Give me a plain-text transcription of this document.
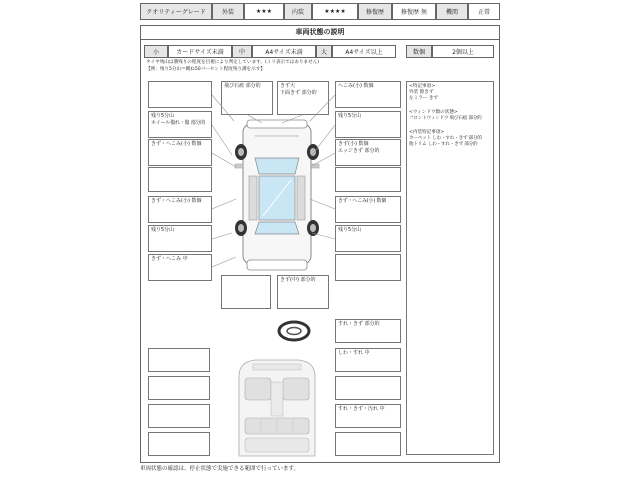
クオリティーグレード	外装	★★★	内装	★★★★	修復歴	修復歴 無	機関	正常
車両状態の説明
小	カードサイズ未満	中	A4サイズ未満	大	A4サイズ以上	数個	2個以上
タイヤ残山は溝残りの程度を目視により判定しています。(ミリ表示ではありません)
【例：残り5分山＝概ね50パーセント程度残り溝を示す】
残り5分山
ホイール傷れ・傷 部分的
きず・へこみ(小) 数個
きず・へこみ(小) 数個
残り5分山
きず・へこみ 中
飛び石痕 部分的	きず大
下面きず 部分的
へこみ(小) 数個
残り5分山
きず(小) 数個
エッジきず 部分的
きず・へこみ(小) 数個
残り5分山
きず(中) 部分的
すれ・きず 部分的
しわ・すれ 中
すれ・きず・汚れ 中
<特記事項>
外装 擦きず
左ミラー きず
<ウィンドウ類の状態>
フロントウィンドウ 飛び石痕 部分的
<内装特記事項>
カーペット しわ・すれ・きず 部分的
他トリム しわ・すれ・きず 部分的
車両状態の確認は、停止状態で実施できる範囲で行っています。
